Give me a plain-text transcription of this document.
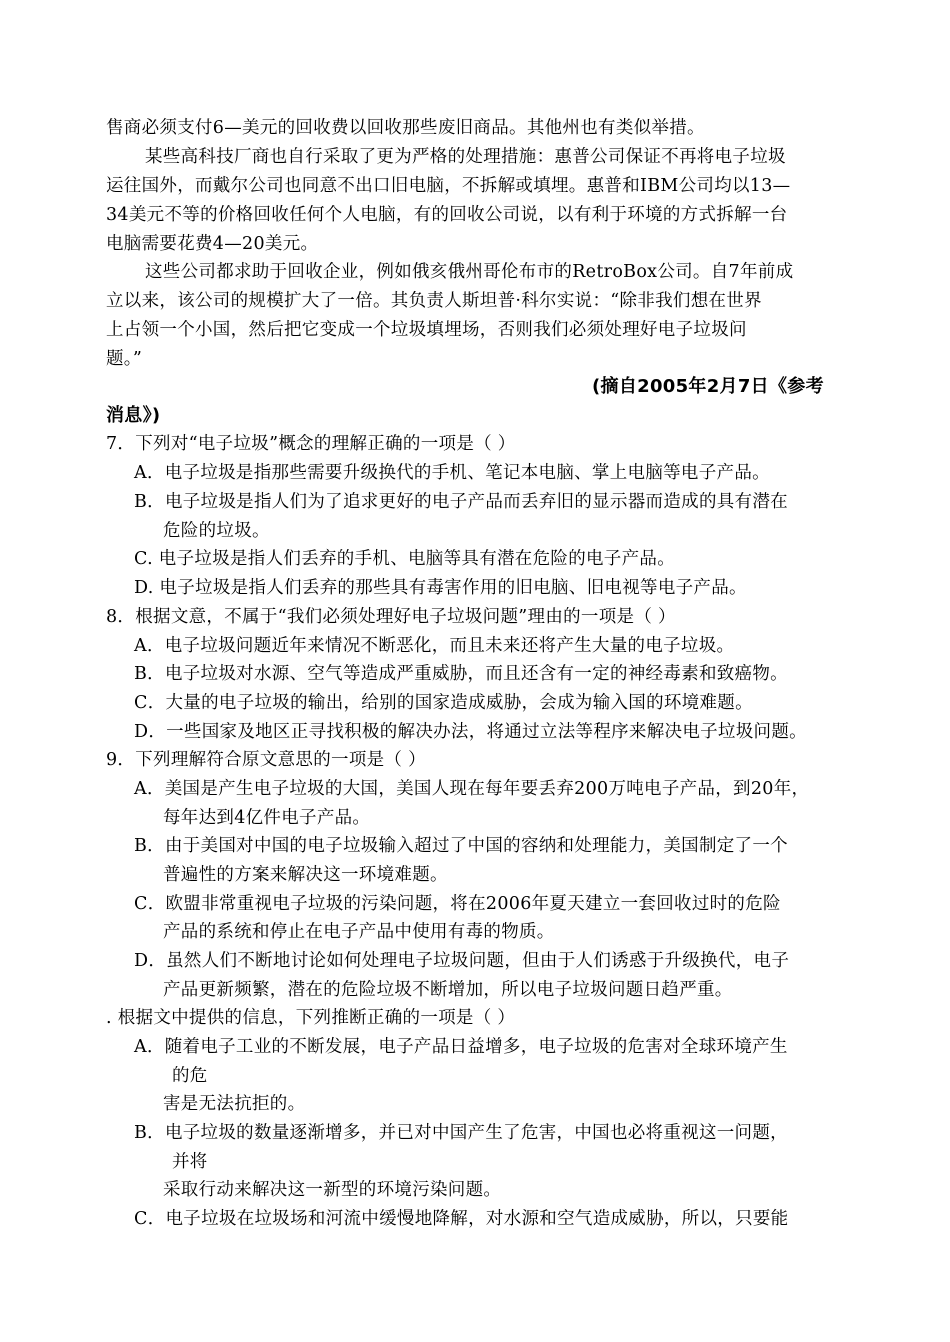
售商必须支付6—美元的回收费以回收那些废旧商品。其他州也有类似举措。
某些高科技厂商也自行采取了更为严格的处理措施：惠普公司保证不再将电子垃圾
运往国外，而戴尔公司也同意不出口旧电脑，不拆解或填埋。惠普和IBM公司均以13—
34美元不等的价格回收任何个人电脑，有的回收公司说，以有利于环境的方式拆解一台
电脑需要花费4—20美元。
这些公司都求助于回收企业，例如俄亥俄州哥伦布市的RetroBox公司。自7年前成
立以来，该公司的规模扩大了一倍。其负责人斯坦普·科尔实说：“除非我们想在世界
上占领一个小国，然后把它变成一个垃圾填埋场，否则我们必须处理好电子垃圾问
题。”
(摘自2005年2月7日《参考
消息》)
7．下列对“电子垃圾”概念的理解正确的一项是（ ）
A．电子垃圾是指那些需要升级换代的手机、笔记本电脑、掌上电脑等电子产品。
B．电子垃圾是指人们为了追求更好的电子产品而丢弃旧的显示器而造成的具有潜在
危险的垃圾。
C. 电子垃圾是指人们丢弃的手机、电脑等具有潜在危险的电子产品。
D. 电子垃圾是指人们丢弃的那些具有毒害作用的旧电脑、旧电视等电子产品。
8．根据文意，不属于“我们必须处理好电子垃圾问题”理由的一项是（ ）
A．电子垃圾问题近年来情况不断恶化，而且未来还将产生大量的电子垃圾。
B．电子垃圾对水源、空气等造成严重威胁，而且还含有一定的神经毒素和致癌物。
C．大量的电子垃圾的输出，给别的国家造成威胁，会成为输入国的环境难题。
D．一些国家及地区正寻找积极的解决办法，将通过立法等程序来解决电子垃圾问题。
9．下列理解符合原文意思的一项是（ ）
A．美国是产生电子垃圾的大国，美国人现在每年要丢弃200万吨电子产品，到20年，
每年达到4亿件电子产品。
B．由于美国对中国的电子垃圾输入超过了中国的容纳和处理能力，美国制定了一个
普遍性的方案来解决这一环境难题。
C．欧盟非常重视电子垃圾的污染问题，将在2006年夏天建立一套回收过时的危险
产品的系统和停止在电子产品中使用有毒的物质。
D．虽然人们不断地讨论如何处理电子垃圾问题，但由于人们诱惑于升级换代，电子
产品更新频繁，潜在的危险垃圾不断增加，所以电子垃圾问题日趋严重。
. 根据文中提供的信息，下列推断正确的一项是（ ）
A．随着电子工业的不断发展，电子产品日益增多，电子垃圾的危害对全球环境产生
的危
害是无法抗拒的。
B．电子垃圾的数量逐渐增多，并已对中国产生了危害，中国也必将重视这一问题，
并将
采取行动来解决这一新型的环境污染问题。
C．电子垃圾在垃圾场和河流中缓慢地降解，对水源和空气造成威胁，所以，只要能
